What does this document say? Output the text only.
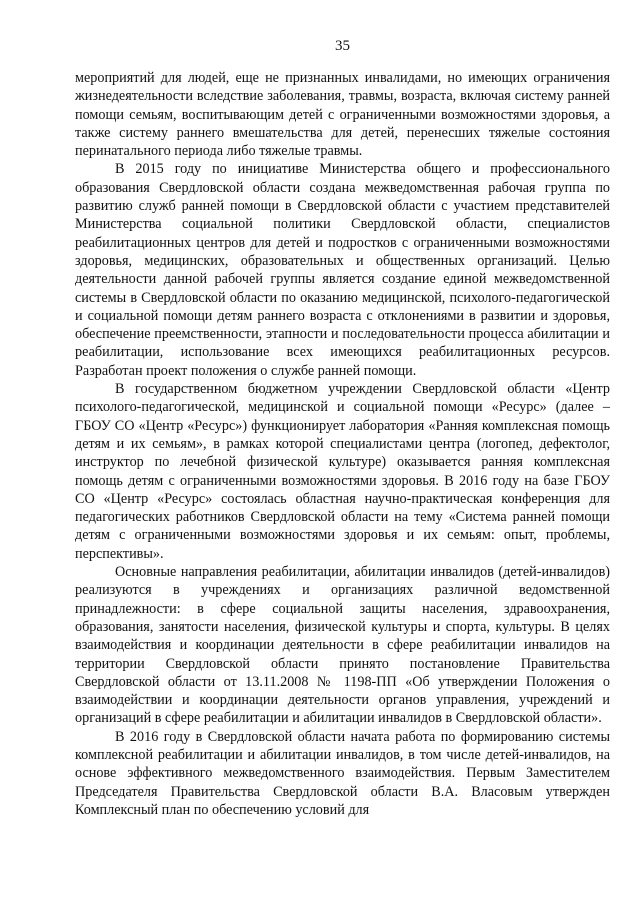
35

мероприятий для людей, еще не признанных инвалидами, но имеющих ограничения жизнедеятельности вследствие заболевания, травмы, возраста, включая систему ранней помощи семьям, воспитывающим детей с ограниченными возможностями здоровья, а также систему раннего вмешательства для детей, перенесших тяжелые состояния перинатального периода либо тяжелые травмы.

В 2015 году по инициативе Министерства общего и профессионального образования Свердловской области создана межведомственная рабочая группа по развитию служб ранней помощи в Свердловской области с участием представителей Министерства социальной политики Свердловской области, специалистов реабилитационных центров для детей и подростков с ограниченными возможностями здоровья, медицинских, образовательных и общественных организаций. Целью деятельности данной рабочей группы является создание единой межведомственной системы в Свердловской области по оказанию медицинской, психолого-педагогической и социальной помощи детям раннего возраста с отклонениями в развитии и здоровья, обеспечение преемственности, этапности и последовательности процесса абилитации и реабилитации, использование всех имеющихся реабилитационных ресурсов. Разработан проект положения о службе ранней помощи.

В государственном бюджетном учреждении Свердловской области «Центр психолого-педагогической, медицинской и социальной помощи «Ресурс» (далее – ГБОУ СО «Центр «Ресурс») функционирует лаборатория «Ранняя комплексная помощь детям и их семьям», в рамках которой специалистами центра (логопед, дефектолог, инструктор по лечебной физической культуре) оказывается ранняя комплексная помощь детям с ограниченными возможностями здоровья. В 2016 году на базе ГБОУ СО «Центр «Ресурс» состоялась областная научно-практическая конференция для педагогических работников Свердловской области на тему «Система ранней помощи детям с ограниченными возможностями здоровья и их семьям: опыт, проблемы, перспективы».

Основные направления реабилитации, абилитации инвалидов (детей-инвалидов) реализуются в учреждениях и организациях различной ведомственной принадлежности: в сфере социальной защиты населения, здравоохранения, образования, занятости населения, физической культуры и спорта, культуры. В целях взаимодействия и координации деятельности в сфере реабилитации инвалидов на территории Свердловской области принято постановление Правительства Свердловской области от 13.11.2008 № 1198-ПП «Об утверждении Положения о взаимодействии и координации деятельности органов управления, учреждений и организаций в сфере реабилитации и абилитации инвалидов в Свердловской области».

В 2016 году в Свердловской области начата работа по формированию системы комплексной реабилитации и абилитации инвалидов, в том числе детей-инвалидов, на основе эффективного межведомственного взаимодействия. Первым Заместителем Председателя Правительства Свердловской области В.А. Власовым утвержден Комплексный план по обеспечению условий для
